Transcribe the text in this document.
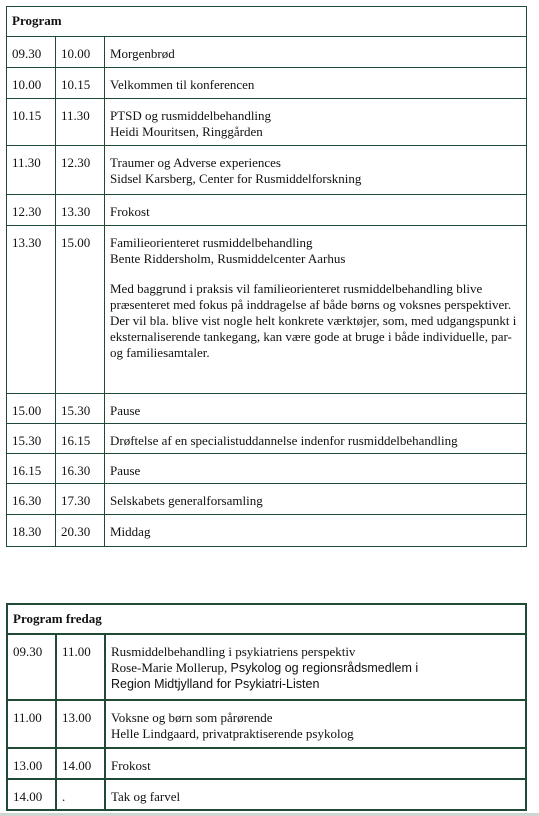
Program		
09.30	10.00	Morgenbrød

10.00	10.15	Velkommen til konferencen

10.15	11.30	PTSD og rusmiddelbehandling
Heidi Mouritsen, Ringgården

11.30	12.30	Traumer og Adverse experiences
Sidsel Karsberg, Center for Rusmiddelforskning

12.30	13.30	Frokost

13.30	15.00	Familieorienteret rusmiddelbehandling
Bente Riddersholm, Rusmiddelcenter Aarhus
Med baggrund i praksis vil familieorienteret rusmiddelbehandling blive præsenteret med fokus på inddragelse af både børns og voksnes perspektiver. Der vil bla. blive vist nogle helt konkrete værktøjer, som, med udgangspunkt i eksternaliserende tankegang, kan være gode at bruge i både individuelle, par- og familiesamtaler.

15.00	15.30	Pause

15.30	16.15	Drøftelse af en specialistuddannelse indenfor rusmiddelbehandling

16.15	16.30	Pause

16.30	17.30	Selskabets generalforsamling

18.30	20.30	Middag
Program fredag		
09.30	11.00	Rusmiddelbehandling i psykiatriens perspektiv
Rose-Marie Mollerup, Psykolog og regionsrådsmedlem i
Region Midtjylland for Psykiatri-Listen

11.00	13.00	Voksne og børn som pårørende
Helle Lindgaard, privatpraktiserende psykolog

13.00	14.00	Frokost

14.00	.	Tak og farvel
